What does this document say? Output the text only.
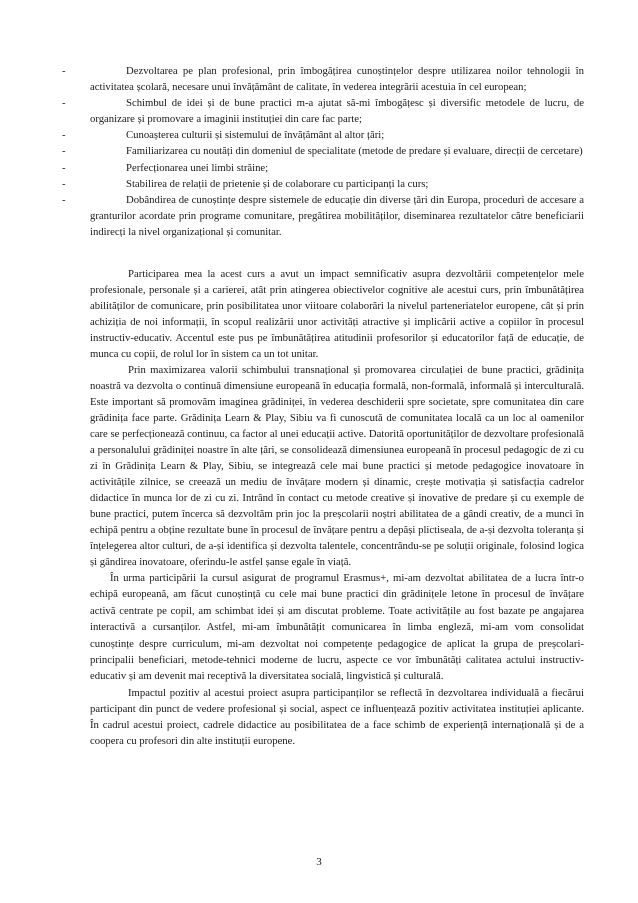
-	Dezvoltarea pe plan profesional, prin îmbogățirea cunoștințelor despre utilizarea noilor tehnologii în activitatea școlară, necesare unui învățământ de calitate, în vederea integrării acestuia în cel european;
-	Schimbul de idei și de bune practici m-a ajutat să-mi îmbogățesc și diversific metodele de lucru, de organizare și promovare a imaginii instituției din care fac parte;
-	Cunoașterea culturii și sistemului de învățământ al altor țări;
-	Familiarizarea cu noutăți din domeniul de specialitate (metode de predare și evaluare, direcții de cercetare)
-	Perfecționarea unei limbi străine;
-	Stabilirea de relații de prietenie și de colaborare cu participanți la curs;
-	Dobândirea de cunoștințe despre sistemele de educație din diverse țări din Europa, proceduri de accesare a granturilor acordate prin programe comunitare, pregătirea mobilităților, diseminarea rezultatelor către beneficiarii indirecți la nivel organizațional și comunitar.

Participarea mea la acest curs a avut un impact semnificativ asupra dezvoltării competențelor mele profesionale, personale și a carierei, atât prin atingerea obiectivelor cognitive ale acestui curs, prin îmbunătățirea abilităților de comunicare, prin posibilitatea unor viitoare colaborări la nivelul parteneriatelor europene, cât și prin achiziția de noi informații, în scopul realizării unor activități atractive și implicării active a copiilor în procesul instructiv-educativ. Accentul este pus pe îmbunătățirea atitudinii profesorilor și educatorilor față de educație, de munca cu copii, de rolul lor în sistem ca un tot unitar.

Prin maximizarea valorii schimbului transnațional și promovarea circulației de bune practici, grădinița noastră va dezvolta o continuă dimensiune europeană în educația formală, non-formală, informală și interculturală. Este important să promovăm imaginea grădiniței, în vederea deschiderii spre societate, spre comunitatea din care grădinița face parte. Grădinița Learn & Play, Sibiu va fi cunoscută de comunitatea locală ca un loc al oamenilor care se perfecționează continuu, ca factor al unei educații active. Datorită oportunităților de dezvoltare profesională a personalului grădiniței noastre în alte țări, se consolidează dimensiunea europeană în procesul pedagogic de zi cu zi în Grădinița Learn & Play, Sibiu, se integrează cele mai bune practici și metode pedagogice inovatoare în activitățile zilnice, se creează un mediu de învățare modern și dinamic, crește motivația și satisfacția cadrelor didactice în munca lor de zi cu zi. Intrând în contact cu metode creative și inovative de predare și cu exemple de bune practici, putem încerca să dezvoltăm prin joc la preșcolarii noștri abilitatea de a gândi creativ, de a munci în echipă pentru a obține rezultate bune în procesul de învățare pentru a depăși plictiseala, de a-și dezvolta toleranța și înțelegerea altor culturi, de a-și identifica și dezvolta talentele, concentrându-se pe soluții originale, folosind logica și gândirea inovatoare, oferindu-le astfel șanse egale în viață.

În urma participării la cursul asigurat de programul Erasmus+, mi-am dezvoltat abilitatea de a lucra într-o echipă europeană, am făcut cunoștință cu cele mai bune practici din grădinițele letone în procesul de învățare activă centrate pe copil, am schimbat idei și am discutat probleme. Toate activitățile au fost bazate pe angajarea interactivă a cursanților. Astfel, mi-am îmbunătățit comunicarea în limba engleză, mi-am vom consolidat cunoștințe despre curriculum, mi-am dezvoltat noi competențe pedagogice de aplicat la grupa de preșcolari- principalii beneficiari, metode-tehnici moderne de lucru, aspecte ce vor îmbunătăți calitatea actului instructiv-educativ și am devenit mai receptivă la diversitatea socială, lingvistică și culturală.

Impactul pozitiv al acestui proiect asupra participanților se reflectă în dezvoltarea individuală a fiecărui participant din punct de vedere profesional și social, aspect ce influențează pozitiv activitatea instituției aplicante. În cadrul acestui proiect, cadrele didactice au posibilitatea de a face schimb de experiență internațională și de a coopera cu profesori din alte instituții europene.

3
